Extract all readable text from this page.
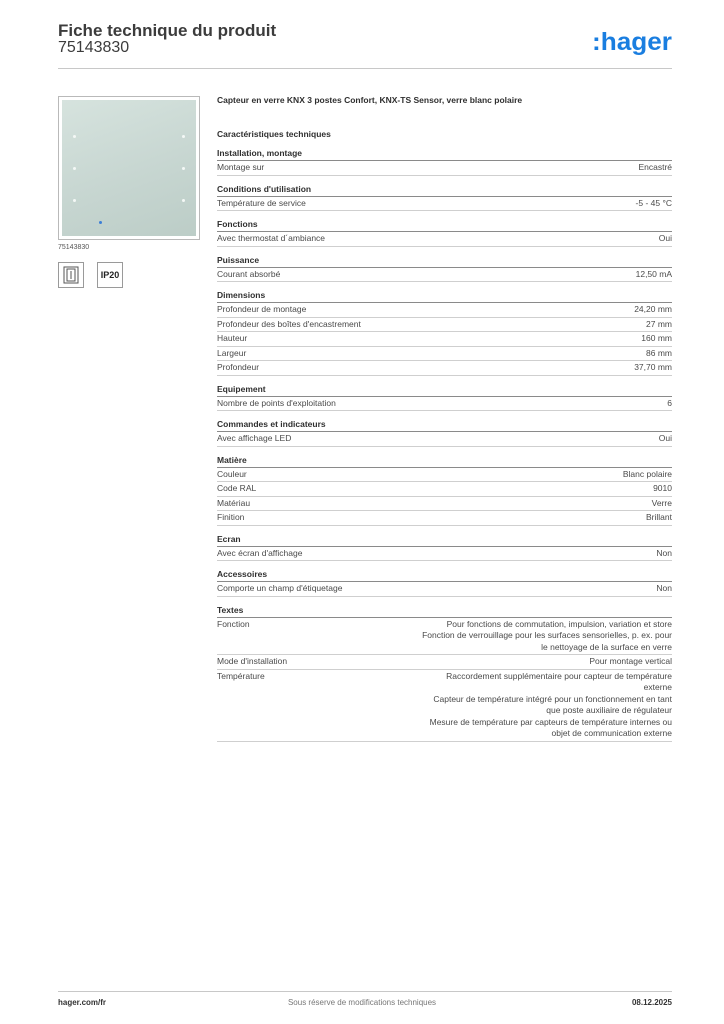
Fiche technique du produit
75143830	:hager
75143830
IP20
Capteur en verre KNX 3 postes Confort, KNX-TS Sensor, verre blanc polaire
Caractéristiques techniques
Installation, montage
Montage sur	Encastré
Conditions d'utilisation
Température de service	-5 - 45 °C
Fonctions
Avec thermostat d´ambiance	Oui
Puissance
Courant absorbé	12,50 mA
Dimensions
Profondeur de montage	24,20 mm
Profondeur des boîtes d'encastrement	27 mm
Hauteur	160 mm
Largeur	86 mm
Profondeur	37,70 mm
Equipement
Nombre de points d'exploitation	6
Commandes et indicateurs
Avec affichage LED	Oui
Matière
Couleur	Blanc polaire
Code RAL	9010
Matériau	Verre
Finition	Brillant
Ecran
Avec écran d'affichage	Non
Accessoires
Comporte un champ d'étiquetage	Non
Textes
Fonction	Pour fonctions de commutation, impulsion, variation et store
Fonction de verrouillage pour les surfaces sensorielles, p. ex. pour
le nettoyage de la surface en verre
Mode d'installation	Pour montage vertical
Température	Raccordement supplémentaire pour capteur de température
externe
Capteur de température intégré pour un fonctionnement en tant
que poste auxiliaire de régulateur
Mesure de température par capteurs de température internes ou
objet de communication externe
hager.com/fr	Sous réserve de modifications techniques	08.12.2025
